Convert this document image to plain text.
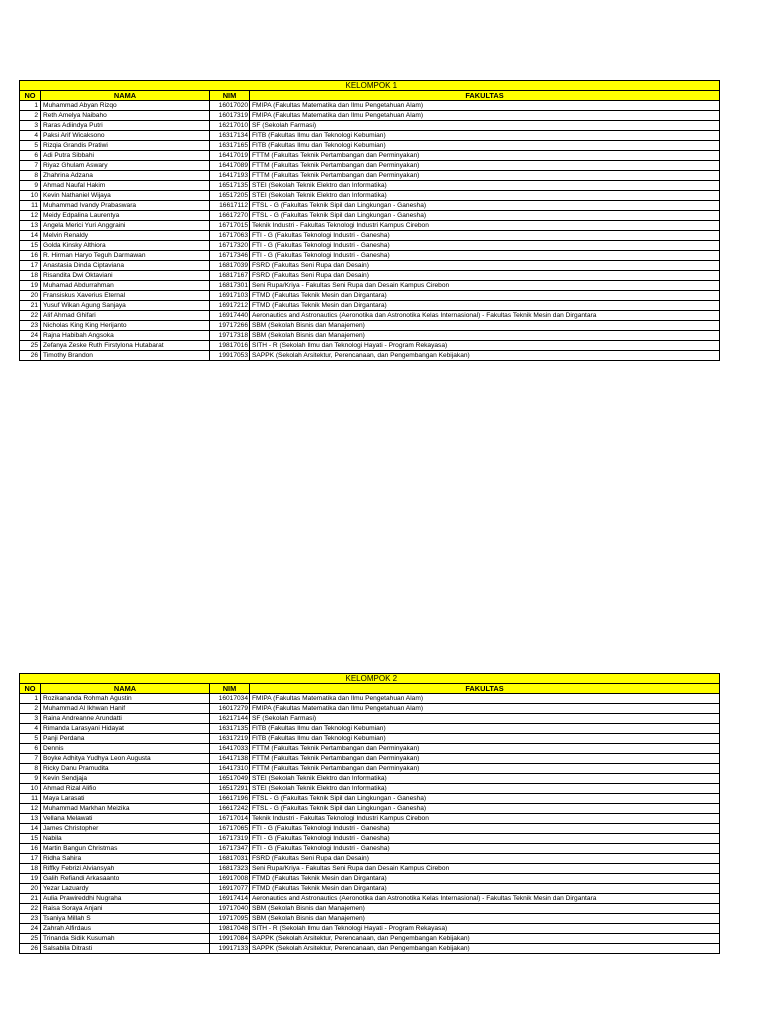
			KELOMPOK 1
NO	NAMA	NIM	FAKULTAS
1	Muhammad Abyan Rizqo	16017020	FMIPA (Fakultas Matematika dan Ilmu Pengetahuan Alam)
2	Reth Amelya Naibaho	16017319	FMIPA (Fakultas Matematika dan Ilmu Pengetahuan Alam)
3	Raras Adiindya Putri	16217010	SF (Sekolah Farmasi)
4	Paksi Arif Wicaksono	16317134	FITB (Fakultas Ilmu dan Teknologi Kebumian)
5	Rizqia Grandis Pratiwi	16317165	FITB (Fakultas Ilmu dan Teknologi Kebumian)
6	Adi Putra Sibbahi	16417019	FTTM (Fakultas Teknik Pertambangan dan Perminyakan)
7	Riyaz Ghulam Aswary	16417089	FTTM (Fakultas Teknik Pertambangan dan Perminyakan)
8	Zhahrina Adzana	16417193	FTTM (Fakultas Teknik Pertambangan dan Perminyakan)
9	Ahmad Naufal Hakim	16517135	STEI (Sekolah Teknik Elektro dan Informatika)
10	Kevin Nathaniel Wijaya	16517205	STEI (Sekolah Teknik Elektro dan Informatika)
11	Muhammad Ivandy Prabaswara	16617112	FTSL - G (Fakultas Teknik Sipil dan Lingkungan - Ganesha)
12	Meidy Edpalina Laurentya	16617270	FTSL - G (Fakultas Teknik Sipil dan Lingkungan - Ganesha)
13	Angela Merici Yuri Anggraini	16717015	Teknik Industri - Fakultas Teknologi Industri Kampus Cirebon
14	Melvin Renaldy	16717063	FTI - G (Fakultas Teknologi Industri - Ganesha)
15	Golda Kinsky Althiora	16717320	FTI - G (Fakultas Teknologi Industri - Ganesha)
16	R. Hirman Haryo Teguh Darmawan	16717346	FTI - G (Fakultas Teknologi Industri - Ganesha)
17	Anastasia Dinda Ciptaviana	16817039	FSRD (Fakultas Seni Rupa dan Desain)
18	Risandita Dwi Oktaviani	16817167	FSRD (Fakultas Seni Rupa dan Desain)
19	Muhamad Abdurrahman	16817301	Seni Rupa/Kriya - Fakultas Seni Rupa dan Desain Kampus Cirebon
20	Fransiskus Xaverius Eternal	16917103	FTMD (Fakultas Teknik Mesin dan Dirgantara)
21	Yusuf Wikan Agung Sanjaya	16917212	FTMD (Fakultas Teknik Mesin dan Dirgantara)
22	Alif Ahmad Ghifari	16917440	Aeronautics and Astronautics (Aeronotika dan Astronotika Kelas Internasional) - Fakultas Teknik Mesin dan Dirgantara
23	Nicholas King King Herijanto	19717266	SBM (Sekolah Bisnis dan Manajemen)
24	Rajna Habibah Angsoka	19717318	SBM (Sekolah Bisnis dan Manajemen)
25	Zefanya Zeske Ruth Firstylona Hutabarat	19817016	SITH - R (Sekolah Ilmu dan Teknologi Hayati - Program Rekayasa)
26	Timothy Brandon	19917053	SAPPK (Sekolah Arsitektur, Perencanaan, dan Pengembangan Kebijakan)
			KELOMPOK 2
NO	NAMA	NIM	FAKULTAS
1	Rozikananda Rohmah Agustin	16017034	FMIPA (Fakultas Matematika dan Ilmu Pengetahuan Alam)
2	Muhammad Al Ikhwan Hanif	16017279	FMIPA (Fakultas Matematika dan Ilmu Pengetahuan Alam)
3	Raina Andreanne Arundatti	16217144	SF (Sekolah Farmasi)
4	Rimanda Larasyani Hidayat	16317135	FITB (Fakultas Ilmu dan Teknologi Kebumian)
5	Panji Perdana	16317219	FITB (Fakultas Ilmu dan Teknologi Kebumian)
6	Dennis	16417033	FTTM (Fakultas Teknik Pertambangan dan Perminyakan)
7	Boyke Adhitya Yudhya Leon Augusta	16417138	FTTM (Fakultas Teknik Pertambangan dan Perminyakan)
8	Ricky Danu Pramudita	16417310	FTTM (Fakultas Teknik Pertambangan dan Perminyakan)
9	Kevin Sendjaja	16517049	STEI (Sekolah Teknik Elektro dan Informatika)
10	Ahmad Rizal Alifio	16517291	STEI (Sekolah Teknik Elektro dan Informatika)
11	Maya Larasati	16617196	FTSL - G (Fakultas Teknik Sipil dan Lingkungan - Ganesha)
12	Muhammad Markhan Meizika	16617242	FTSL - G (Fakultas Teknik Sipil dan Lingkungan - Ganesha)
13	Vellana Melawati	16717014	Teknik Industri - Fakultas Teknologi Industri Kampus Cirebon
14	James Christopher	16717065	FTI - G (Fakultas Teknologi Industri - Ganesha)
15	Nabila	16717319	FTI - G (Fakultas Teknologi Industri - Ganesha)
16	Martin Bangun Christmas	16717347	FTI - G (Fakultas Teknologi Industri - Ganesha)
17	Ridha Sahira	16817031	FSRD (Fakultas Seni Rupa dan Desain)
18	Riffky Febrizi Alviansyah	16817323	Seni Rupa/Kriya - Fakultas Seni Rupa dan Desain Kampus Cirebon
19	Galih Refiandi Arkasaanto	16917008	FTMD (Fakultas Teknik Mesin dan Dirgantara)
20	Yezar Lazuardy	16917077	FTMD (Fakultas Teknik Mesin dan Dirgantara)
21	Aulia Prawireddhi Nugraha	16917414	Aeronautics and Astronautics (Aeronotika dan Astronotika Kelas Internasional) - Fakultas Teknik Mesin dan Dirgantara
22	Raisa Soraya Anjani	19717040	SBM (Sekolah Bisnis dan Manajemen)
23	Tsaniya Millah S	19717095	SBM (Sekolah Bisnis dan Manajemen)
24	Zahrah Alfirdaus	19817048	SITH - R (Sekolah Ilmu dan Teknologi Hayati - Program Rekayasa)
25	Trinanda Sidik Kusumah	19917084	SAPPK (Sekolah Arsitektur, Perencanaan, dan Pengembangan Kebijakan)
26	Salsabila Ditrasti	19917133	SAPPK (Sekolah Arsitektur, Perencanaan, dan Pengembangan Kebijakan)
